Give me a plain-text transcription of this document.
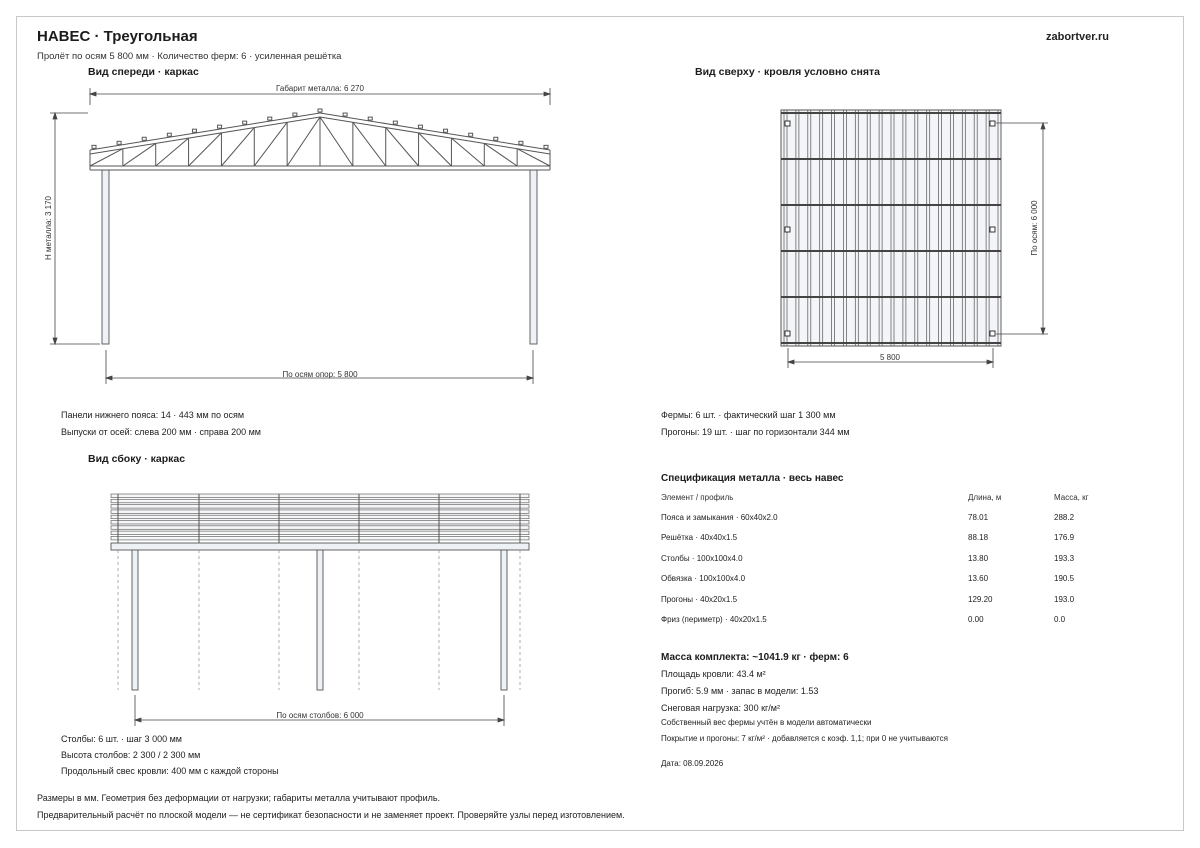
НАВЕС · Треугольная
Пролёт по осям 5 800 мм · Количество ферм: 6 · усиленная решётка
zabortver.ru
Вид спереди · каркас
Габарит металла: 6 270
Н металла: 3 170
По осям опор: 5 800
Панели нижнего пояса: 14 · 443 мм по осям
Выпуски от осей: слева 200 мм · справа 200 мм
Вид сверху · кровля условно снята
По осям: 6 000
5 800
Фермы: 6 шт. · фактический шаг 1 300 мм
Прогоны: 19 шт. · шаг по горизонтали 344 мм
Вид сбоку · каркас
По осям столбов: 6 000
Столбы: 6 шт. · шаг 3 000 мм
Высота столбов: 2 300 / 2 300 мм
Продольный свес кровли: 400 мм с каждой стороны
Спецификация металла · весь навес
Элемент / профиль	Длина, м	Масса, кг
Пояса и замыкания · 60х40х2.0	78.01	288.2
Решётка · 40х40х1.5	88.18	176.9
Столбы · 100х100х4.0	13.80	193.3
Обвязка · 100х100х4.0	13.60	190.5
Прогоны · 40х20х1.5	129.20	193.0
Фриз (периметр) · 40х20х1.5	0.00	0.0
Масса комплекта: ~1041.9 кг · ферм: 6
Площадь кровли: 43.4 м²
Прогиб: 5.9 мм · запас в модели: 1.53
Снеговая нагрузка: 300 кг/м²
Собственный вес фермы учтён в модели автоматически
Покрытие и прогоны: 7 кг/м² · добавляется с коэф. 1,1; при 0 не учитываются
Дата: 08.09.2026
Размеры в мм. Геометрия без деформации от нагрузки; габариты металла учитывают профиль.
Предварительный расчёт по плоской модели — не сертификат безопасности и не заменяет проект. Проверяйте узлы перед изготовлением.
